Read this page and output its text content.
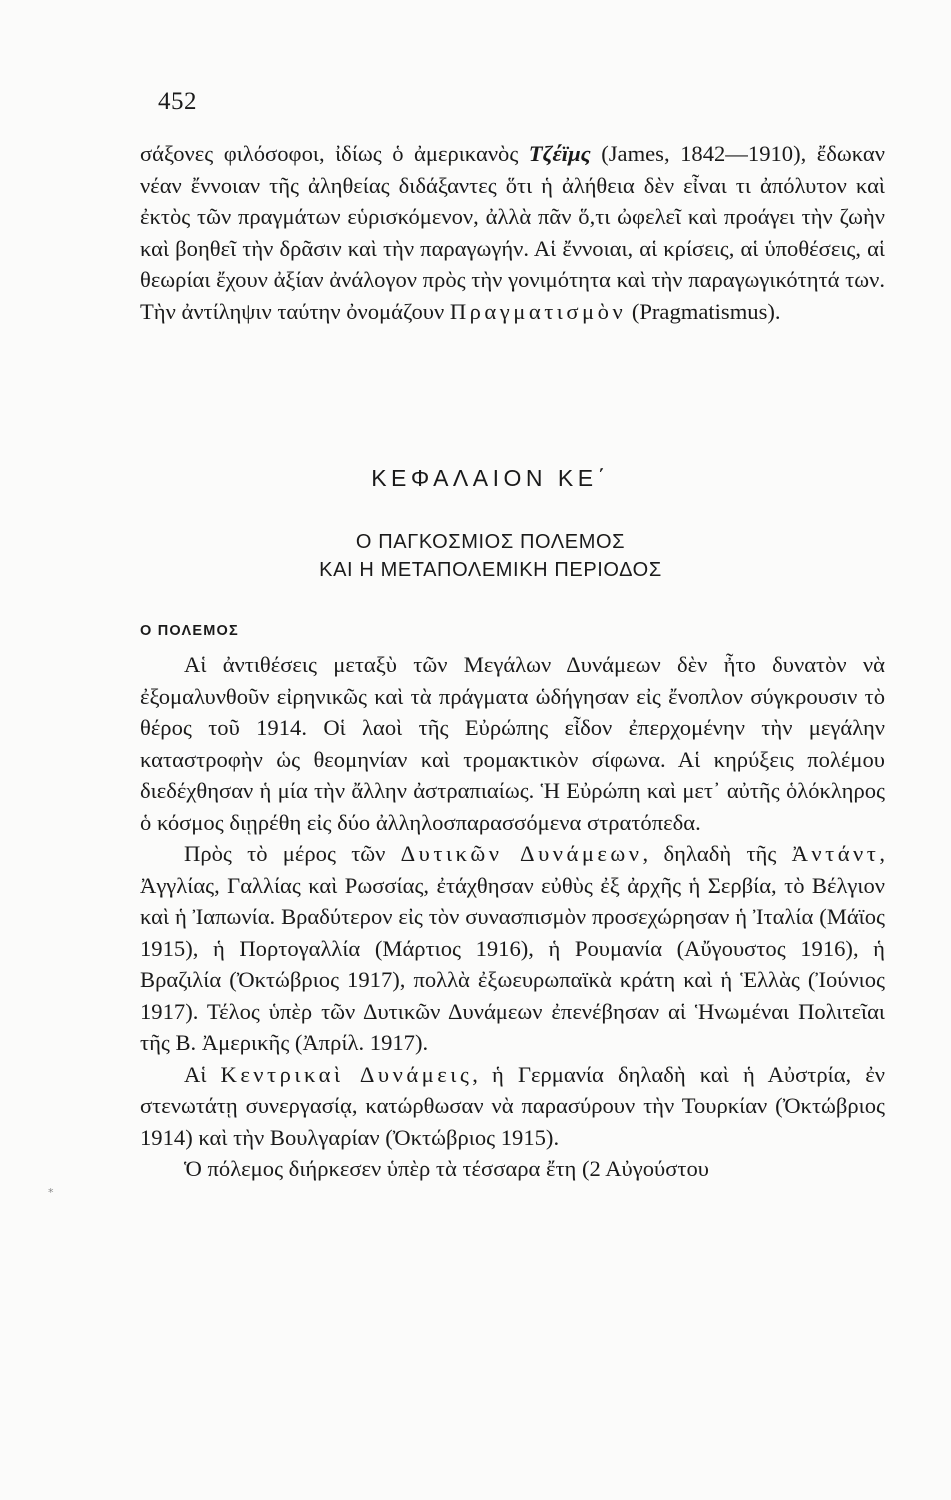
452

σάξονες φιλόσοφοι, ἰδίως ὁ ἀμερικανὸς Τζέϊμς (James, 1842—1910), ἔδωκαν νέαν ἔννοιαν τῆς ἀληθείας διδάξαντες ὅτι ἡ ἀλήθεια δὲν εἶναι τι ἀπόλυτον καὶ ἐκτὸς τῶν πραγμάτων εὑρισκόμενον, ἀλλὰ πᾶν ὅ,τι ὠφελεῖ καὶ προάγει τὴν ζωὴν καὶ βοηθεῖ τὴν δρᾶσιν καὶ τὴν παραγωγήν. Αἱ ἔννοιαι, αἱ κρίσεις, αἱ ὑποθέσεις, αἱ θεωρίαι ἔχουν ἀξίαν ἀνάλογον πρὸς τὴν γονιμότητα καὶ τὴν παραγωγικότητά των. Τὴν ἀντίληψιν ταύτην ὀνομάζουν Πραγματισμὸν (Pragmatismus).

ΚΕΦΑΛΑΙΟΝ ΚΕ΄
Ο ΠΑΓΚΟΣΜΙΟΣ ΠΟΛΕΜΟΣ
ΚΑΙ Η ΜΕΤΑΠΟΛΕΜΙΚΗ ΠΕΡΙΟΔΟΣ
Ο ΠΟΛΕΜΟΣ

Αἱ ἀντιθέσεις μεταξὺ τῶν Μεγάλων Δυνάμεων δὲν ἦτο δυνατὸν νὰ ἐξομαλυνθοῦν εἰρηνικῶς καὶ τὰ πράγματα ὡδήγησαν εἰς ἔνοπλον σύγκρουσιν τὸ θέρος τοῦ 1914. Οἱ λαοὶ τῆς Εὐρώπης εἶδον ἐπερχομένην τὴν μεγάλην καταστροφὴν ὡς θεομηνίαν καὶ τρομακτικὸν σίφωνα. Αἱ κηρύξεις πολέμου διεδέχθησαν ἡ μία τὴν ἄλλην ἀστραπιαίως. Ἡ Εὐρώπη καὶ μετ᾽ αὐτῆς ὁλόκληρος ὁ κόσμος διῃρέθη εἰς δύο ἀλληλοσπαρασσόμενα στρατόπεδα.

Πρὸς τὸ μέρος τῶν Δυτικῶν Δυνάμεων, δηλαδὴ τῆς Ἀντάντ, Ἀγγλίας, Γαλλίας καὶ Ρωσσίας, ἐτάχθησαν εὐθὺς ἐξ ἀρχῆς ἡ Σερβία, τὸ Βέλγιον καὶ ἡ Ἰαπωνία. Βραδύτερον εἰς τὸν συνασπισμὸν προσεχώρησαν ἡ Ἰταλία (Μάϊος 1915), ἡ Πορτογαλλία (Μάρτιος 1916), ἡ Ρουμανία (Αὔγουστος 1916), ἡ Βραζιλία (Ὀκτώβριος 1917), πολλὰ ἐξωευρωπαϊκὰ κράτη καὶ ἡ Ἑλλὰς (Ἰούνιος 1917). Τέλος ὑπὲρ τῶν Δυτικῶν Δυνάμεων ἐπενέβησαν αἱ Ἡνωμέναι Πολιτεῖαι τῆς Β. Ἀμερικῆς (Ἀπρίλ. 1917).

Αἱ Κεντρικαὶ Δυνάμεις, ἡ Γερμανία δηλαδὴ καὶ ἡ Αὐστρία, ἐν στενωτάτῃ συνεργασίᾳ, κατώρθωσαν νὰ παρασύρουν τὴν Τουρκίαν (Ὀκτώβριος 1914) καὶ τὴν Βουλγαρίαν (Ὀκτώβριος 1915).

Ὁ πόλεμος διήρκεσεν ὑπὲρ τὰ τέσσαρα ἔτη (2 Αὐγούστου

*
